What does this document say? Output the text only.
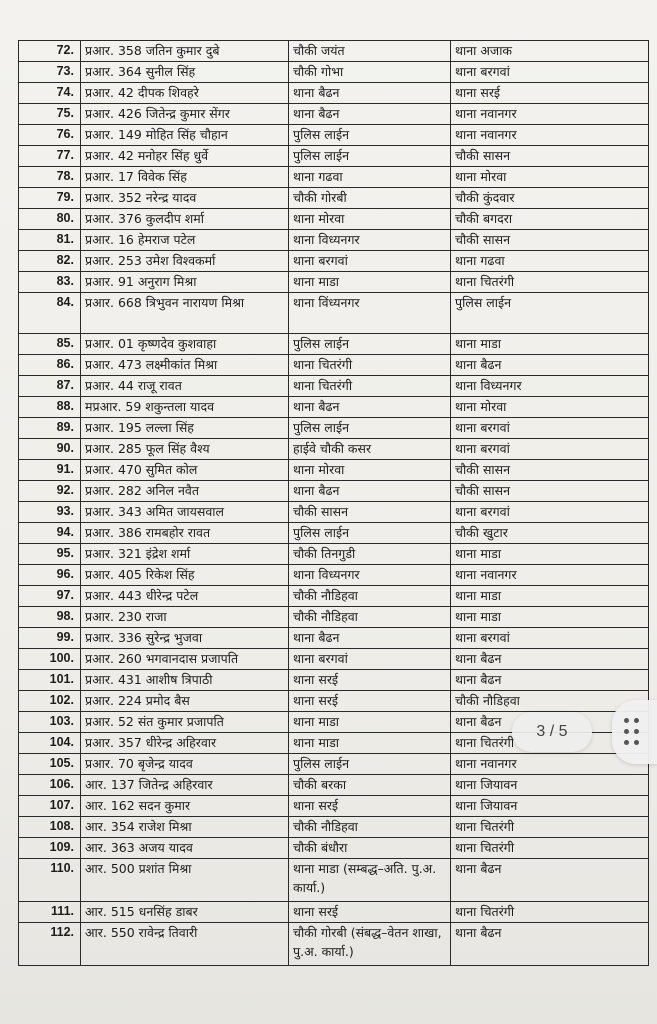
72.	प्रआर. 358 जतिन कुमार दुबे	चौकी जयंत	थाना अजाक
73.	प्रआर. 364 सुनील सिंह	चौकी गोभा	थाना बरगवां
74.	प्रआर. 42 दीपक शिवहरे	थाना बैढन	थाना सरई
75.	प्रआर. 426 जितेन्द्र कुमार सेंगर	थाना बैढन	थाना नवानगर
76.	प्रआर. 149 मोहित सिंह चौहान	पुलिस लाईन	थाना नवानगर
77.	प्रआर. 42 मनोहर सिंह धुर्वे	पुलिस लाईन	चौकी सासन
78.	प्रआर. 17 विवेक सिंह	थाना गढवा	थाना मोरवा
79.	प्रआर. 352 नरेन्द्र यादव	चौकी गोरबी	चौकी कुंदवार
80.	प्रआर. 376 कुलदीप शर्मा	थाना मोरवा	चौकी बगदरा
81.	प्रआर. 16 हेमराज पटेल	थाना विध्यनगर	चौकी सासन
82.	प्रआर. 253 उमेश विश्वकर्मा	थाना बरगवां	थाना गढवा
83.	प्रआर. 91 अनुराग मिश्रा	थाना माडा	थाना चितरंगी
84.	प्रआर. 668 त्रिभुवन नारायण मिश्रा	थाना विंध्यनगर	पुलिस लाईन
85.	प्रआर. 01 कृष्णदेव कुशवाहा	पुलिस लाईन	थाना माडा
86.	प्रआर. 473 लक्ष्मीकांत मिश्रा	थाना चितरंगी	थाना बैढन
87.	प्रआर. 44 राजू रावत	थाना चितरंगी	थाना विध्यनगर
88.	मप्रआर. 59 शकुन्तला यादव	थाना बैढन	थाना मोरवा
89.	प्रआर. 195 लल्ला सिंह	पुलिस लाईन	थाना बरगवां
90.	प्रआर. 285 फूल सिंह वैश्य	हाईवे चौकी कसर	थाना बरगवां
91.	प्रआर. 470 सुमित कोल	थाना मोरवा	चौकी सासन
92.	प्रआर. 282 अनिल नवैत	थाना बैढन	चौकी सासन
93.	प्रआर. 343 अमित जायसवाल	चौकी सासन	थाना बरगवां
94.	प्रआर. 386 रामबहोर रावत	पुलिस लाईन	चौकी खुटार
95.	प्रआर. 321 इंद्रेश शर्मा	चौकी तिनगुडी	थाना माडा
96.	प्रआर. 405 रिकेश सिंह	थाना विध्यनगर	थाना नवानगर
97.	प्रआर. 443 धीरेन्द्र पटेल	चौकी नौडिहवा	थाना माडा
98.	प्रआर. 230 राजा	चौकी नौडिहवा	थाना माडा
99.	प्रआर. 336 सुरेन्द्र भुजवा	थाना बैढन	थाना बरगवां
100.	प्रआर. 260 भगवानदास प्रजापति	थाना बरगवां	थाना बैढन
101.	प्रआर. 431 आशीष त्रिपाठी	थाना सरई	थाना बैढन
102.	प्रआर. 224 प्रमोद बैस	थाना सरई	चौकी नौडिहवा
103.	प्रआर. 52 संत कुमार प्रजापति	थाना माडा	थाना बैढन
104.	प्रआर. 357 धीरेन्द्र अहिरवार	थाना माडा	थाना चितरंगी
105.	प्रआर. 70 बृजेन्द्र यादव	पुलिस लाईन	थाना नवानगर
106.	आर. 137 जितेन्द्र अहिरवार	चौकी बरका	थाना जियावन
107.	आर. 162 सदन कुमार	थाना सरई	थाना जियावन
108.	आर. 354 राजेश मिश्रा	चौकी नौडिहवा	थाना चितरंगी
109.	आर. 363 अजय यादव	चौकी बंधौरा	थाना चितरंगी
110.	आर. 500 प्रशांत मिश्रा	थाना माडा (सम्बद्ध–अति. पु.अ. कार्या.)	थाना बैढन
111.	आर. 515 धनसिंह डाबर	थाना सरई	थाना चितरंगी
112.	आर. 550 रावेन्द्र तिवारी	चौकी गोरबी (संबद्ध–वेतन शाखा, पु.अ. कार्या.)	थाना बैढन
3 / 5
